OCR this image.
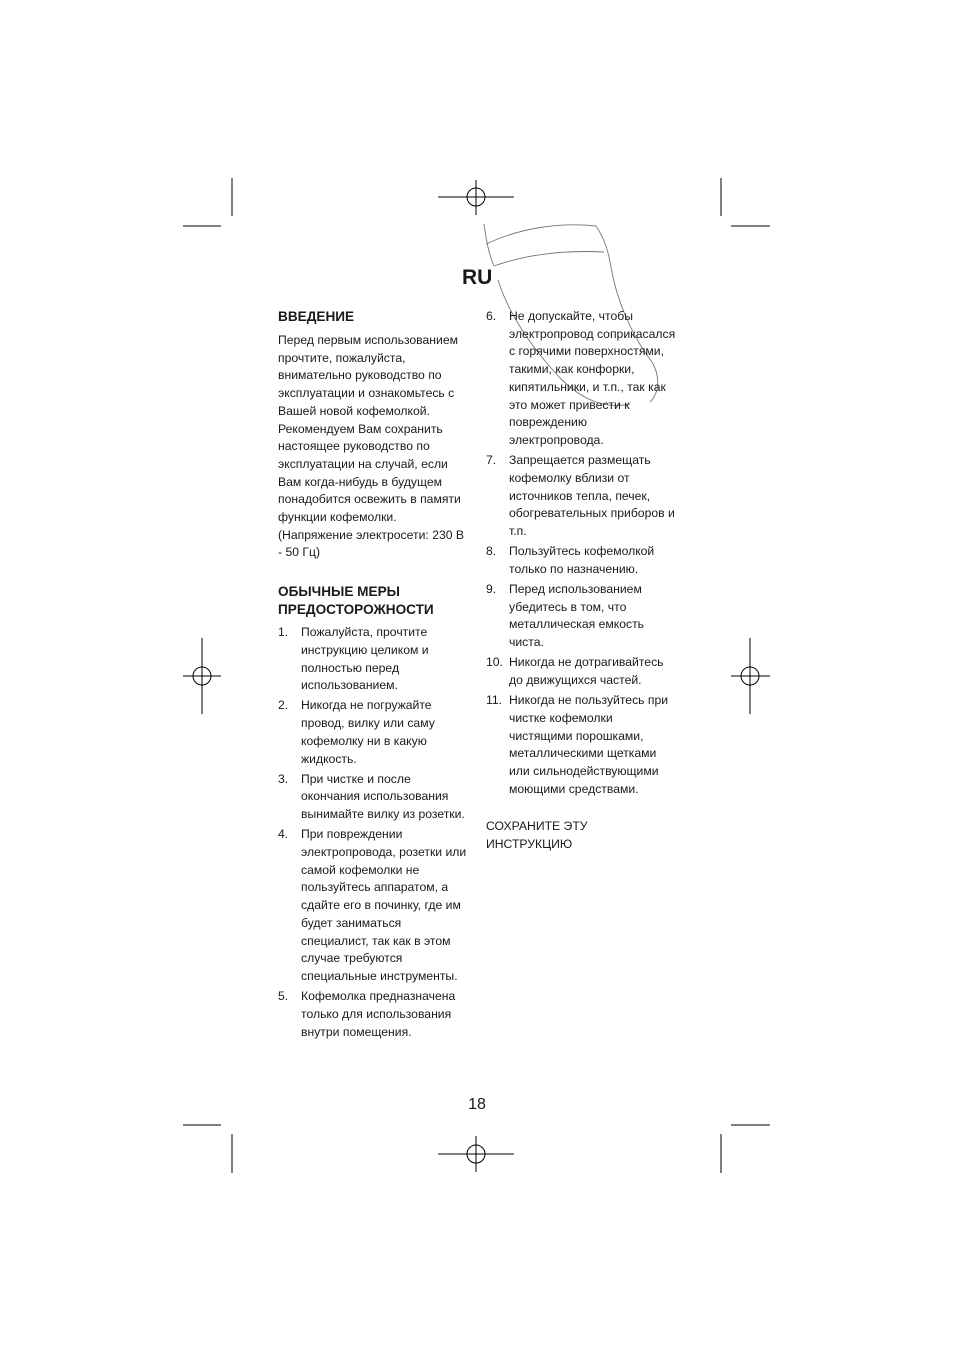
RU
ВВЕДЕНИЕ

Перед первым использованием прочтите, пожалуйста, внимательно руководство по эксплуатации и ознакомьтесь с Вашей новой кофемолкой. Рекомендуем Вам сохранить настоящее руководство по эксплуатации на случай, если Вам когда-нибудь в будущем понадобится освежить в памяти функции кофемолки. (Напряжение электросети: 230 В - 50 Гц)

ОБЫЧНЫЕ МЕРЫ ПРЕДОСТОРОЖНОСТИ
1.	Пожалуйста, прочтите инструкцию целиком и полностью перед использованием.
2.	Никогда не погружайте провод, вилку или саму кофемолку ни в какую жидкость.
3.	При чистке и после окончания использования вынимайте вилку из розетки.
4.	При повреждении электропровода, розетки или самой кофемолки не пользуйтесь аппаратом, а сдайте его в починку, где им будет заниматься специалист, так как в этом случае требуются специальные инструменты.
5.	Кофемолка предназначена только для использования внутри помещения.
6.	Не допускайте, чтобы электропровод соприкасался с горячими поверхностями, такими, как конфорки, кипятильники, и т.п., так как это может привести к повреждению электропровода.
7.	Запрещается размещать кофемолку вблизи от источников тепла, печек, обогревательных приборов и т.п.
8.	Пользуйтесь кофемолкой только по назначению.
9.	Перед использованием убедитесь в том, что металлическая емкость чиста.
10. Никогда не дотрагивайтесь до движущихся частей.
11. Никогда не пользуйтесь при чистке кофемолки чистящими порошками, металлическими щетками или сильнодействующими моющими средствами.

СОХРАНИТЕ ЭТУ ИНСТРУКЦИЮ

18
